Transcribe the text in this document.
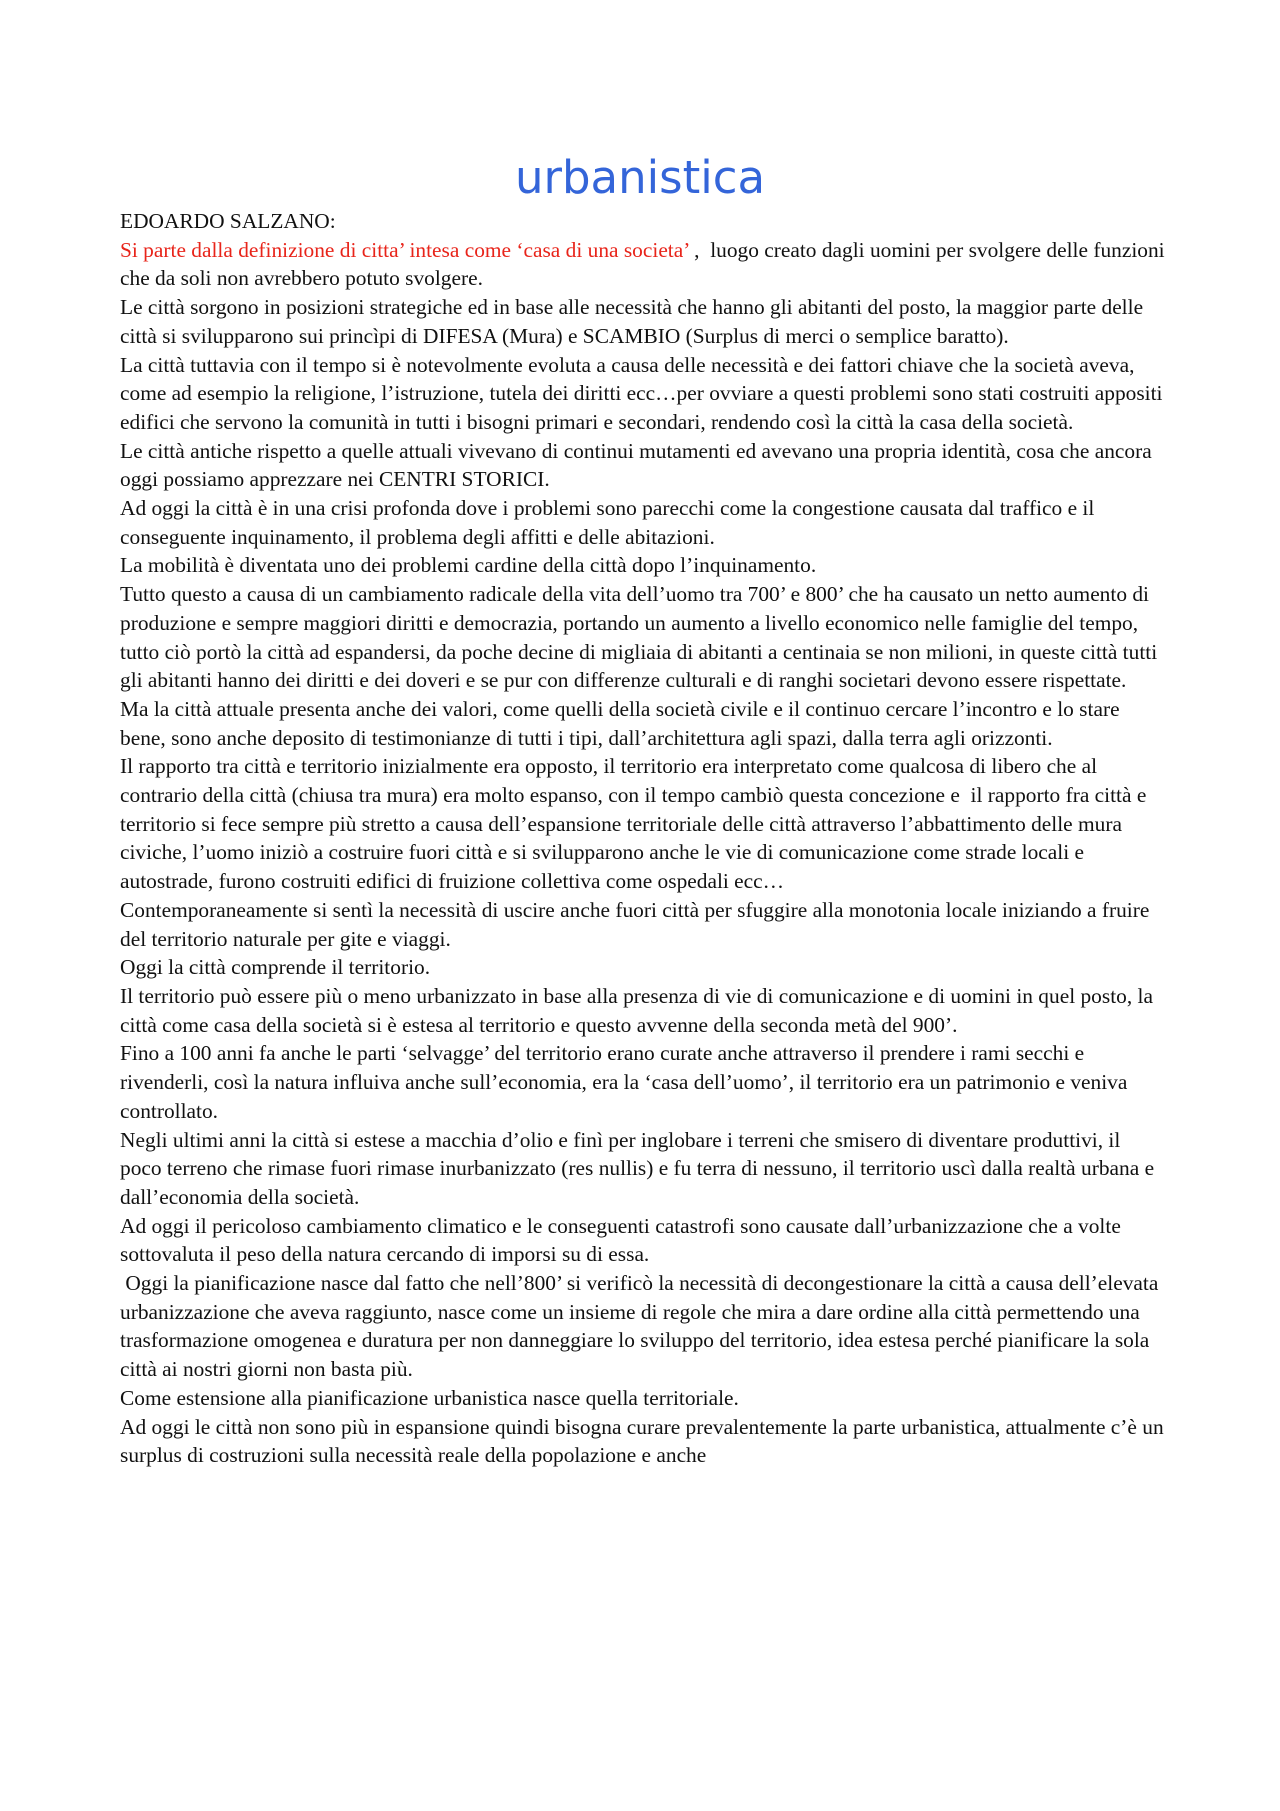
urbanistica

EDOARDO SALZANO:

Si parte dalla definizione di citta’ intesa come ‘casa di una societa’ ,  luogo creato dagli uomini per svolgere delle funzioni che da soli non avrebbero potuto svolgere.

Le città sorgono in posizioni strategiche ed in base alle necessità che hanno gli abitanti del posto, la maggior parte delle città si svilupparono sui princìpi di DIFESA (Mura) e SCAMBIO (Surplus di merci o semplice baratto).

La città tuttavia con il tempo si è notevolmente evoluta a causa delle necessità e dei fattori chiave che la società aveva, come ad esempio la religione, l’istruzione, tutela dei diritti ecc…per ovviare a questi problemi sono stati costruiti appositi edifici che servono la comunità in tutti i bisogni primari e secondari, rendendo così la città la casa della società.

Le città antiche rispetto a quelle attuali vivevano di continui mutamenti ed avevano una propria identità, cosa che ancora oggi possiamo apprezzare nei CENTRI STORICI.

Ad oggi la città è in una crisi profonda dove i problemi sono parecchi come la congestione causata dal traffico e il conseguente inquinamento, il problema degli affitti e delle abitazioni.

La mobilità è diventata uno dei problemi cardine della città dopo l’inquinamento.

Tutto questo a causa di un cambiamento radicale della vita dell’uomo tra 700’ e 800’ che ha causato un netto aumento di produzione e sempre maggiori diritti e democrazia, portando un aumento a livello economico nelle famiglie del tempo, tutto ciò portò la città ad espandersi, da poche decine di migliaia di abitanti a centinaia se non milioni, in queste città tutti gli abitanti hanno dei diritti e dei doveri e se pur con differenze culturali e di ranghi societari devono essere rispettate.

Ma la città attuale presenta anche dei valori, come quelli della società civile e il continuo cercare l’incontro e lo stare bene, sono anche deposito di testimonianze di tutti i tipi, dall’architettura agli spazi, dalla terra agli orizzonti.

Il rapporto tra città e territorio inizialmente era opposto, il territorio era interpretato come qualcosa di libero che al contrario della città (chiusa tra mura) era molto espanso, con il tempo cambiò questa concezione e  il rapporto fra città e territorio si fece sempre più stretto a causa dell’espansione territoriale delle città attraverso l’abbattimento delle mura civiche, l’uomo iniziò a costruire fuori città e si svilupparono anche le vie di comunicazione come strade locali e autostrade, furono costruiti edifici di fruizione collettiva come ospedali ecc…

Contemporaneamente si sentì la necessità di uscire anche fuori città per sfuggire alla monotonia locale iniziando a fruire del territorio naturale per gite e viaggi.

Oggi la città comprende il territorio.

Il territorio può essere più o meno urbanizzato in base alla presenza di vie di comunicazione e di uomini in quel posto, la città come casa della società si è estesa al territorio e questo avvenne della seconda metà del 900’.

Fino a 100 anni fa anche le parti ‘selvagge’ del territorio erano curate anche attraverso il prendere i rami secchi e rivenderli, così la natura influiva anche sull’economia, era la ‘casa dell’uomo’, il territorio era un patrimonio e veniva controllato.

Negli ultimi anni la città si estese a macchia d’olio e finì per inglobare i terreni che smisero di diventare produttivi, il poco terreno che rimase fuori rimase inurbanizzato (res nullis) e fu terra di nessuno, il territorio uscì dalla realtà urbana e dall’economia della società.

Ad oggi il pericoloso cambiamento climatico e le conseguenti catastrofi sono causate dall’urbanizzazione che a volte sottovaluta il peso della natura cercando di imporsi su di essa.

Oggi la pianificazione nasce dal fatto che nell’800’ si verificò la necessità di decongestionare la città a causa dell’elevata urbanizzazione che aveva raggiunto, nasce come un insieme di regole che mira a dare ordine alla città permettendo una trasformazione omogenea e duratura per non danneggiare lo sviluppo del territorio, idea estesa perché pianificare la sola città ai nostri giorni non basta più.

Come estensione alla pianificazione urbanistica nasce quella territoriale.

Ad oggi le città non sono più in espansione quindi bisogna curare prevalentemente la parte urbanistica, attualmente c’è un surplus di costruzioni sulla necessità reale della popolazione e anche
